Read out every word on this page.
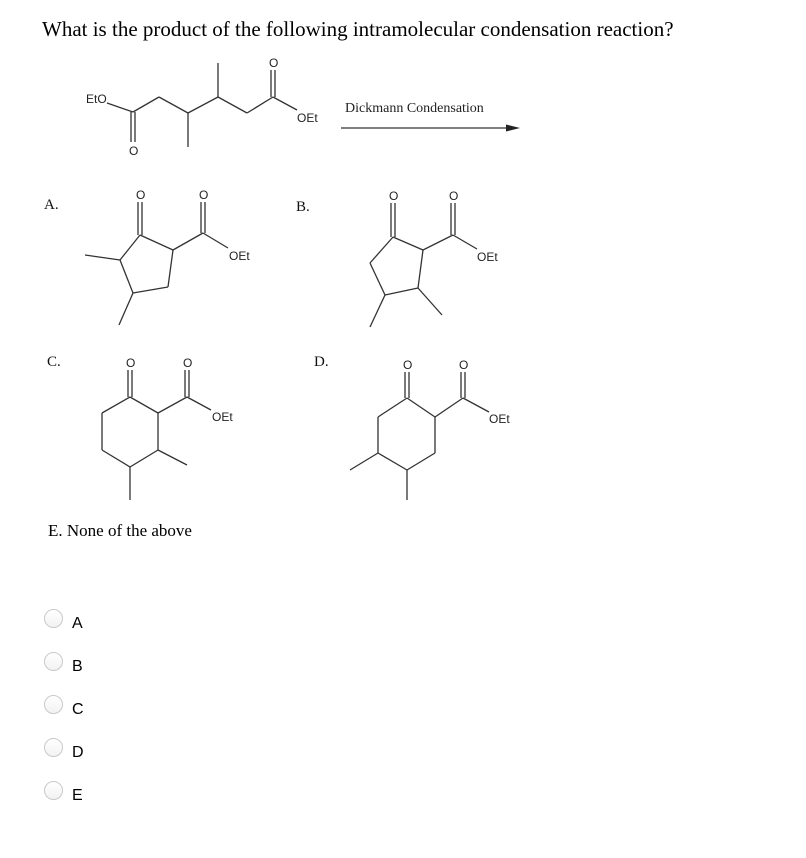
What is the product of the following intramolecular condensation reaction?
EtO
O
O
OEt
Dickmann Condensation
A.
O	O
OEt
B.
O	O
OEt
C.	O	O
OEt
D.	O	O
OEt
E. None of the above
A
B
C
D
E
